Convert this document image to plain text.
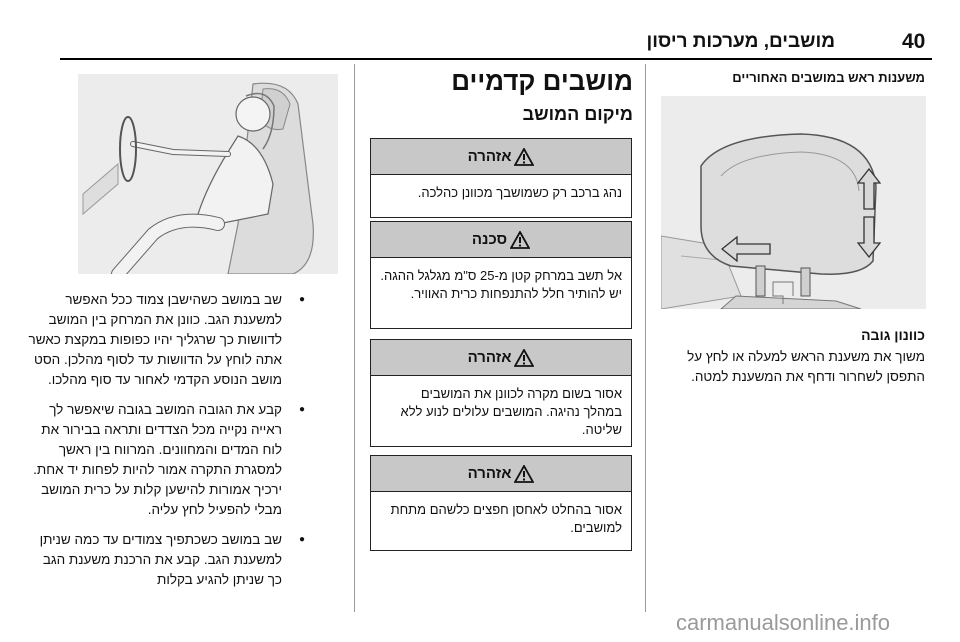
40
מושבים, מערכות ריסון
משענות ראש במושבים האחוריים
כוונון גובה
משוך את משענת הראש למעלה או לחץ על התפסן לשחרור ודחף את המשענת למטה.
מושבים קדמיים
מיקום המושב
אזהרה
נהג ברכב רק כשמושבך מכוונן כהלכה.
סכנה
אל תשב במרחק קטן מ-25 ס"מ מגלגל ההגה. יש להותיר חלל להתנפחות כרית האוויר.
אזהרה
אסור בשום מקרה לכוונן את המושבים במהלך נהיגה. המושבים עלולים לנוע ללא שליטה.
אזהרה
אסור בהחלט לאחסן חפצים כלשהם מתחת למושבים.
● שב במושב כשהישבן צמוד ככל האפשר למשענת הגב. כוונן את המרחק בין המושב לדוושות כך שרגליך יהיו כפופות במקצת כאשר אתה לוחץ על הדוושות עד לסוף מהלכן. הסט מושב הנוסע הקדמי לאחור עד סוף מהלכו.
● קבע את הגובה המושב בגובה שיאפשר לך ראייה נקייה מכל הצדדים ותראה בבירור את לוח המדים והמחוונים. המרווח בין ראשך למסגרת התקרה אמור להיות לפחות יד אחת. ירכיך אמורות להישען קלות על כרית המושב מבלי להפעיל לחץ עליה.
● שב במושב כשכתפיך צמודים עד כמה שניתן למשענת הגב. קבע את הרכנת משענת הגב כך שניתן להגיע בקלות
carmanualsonline.info
